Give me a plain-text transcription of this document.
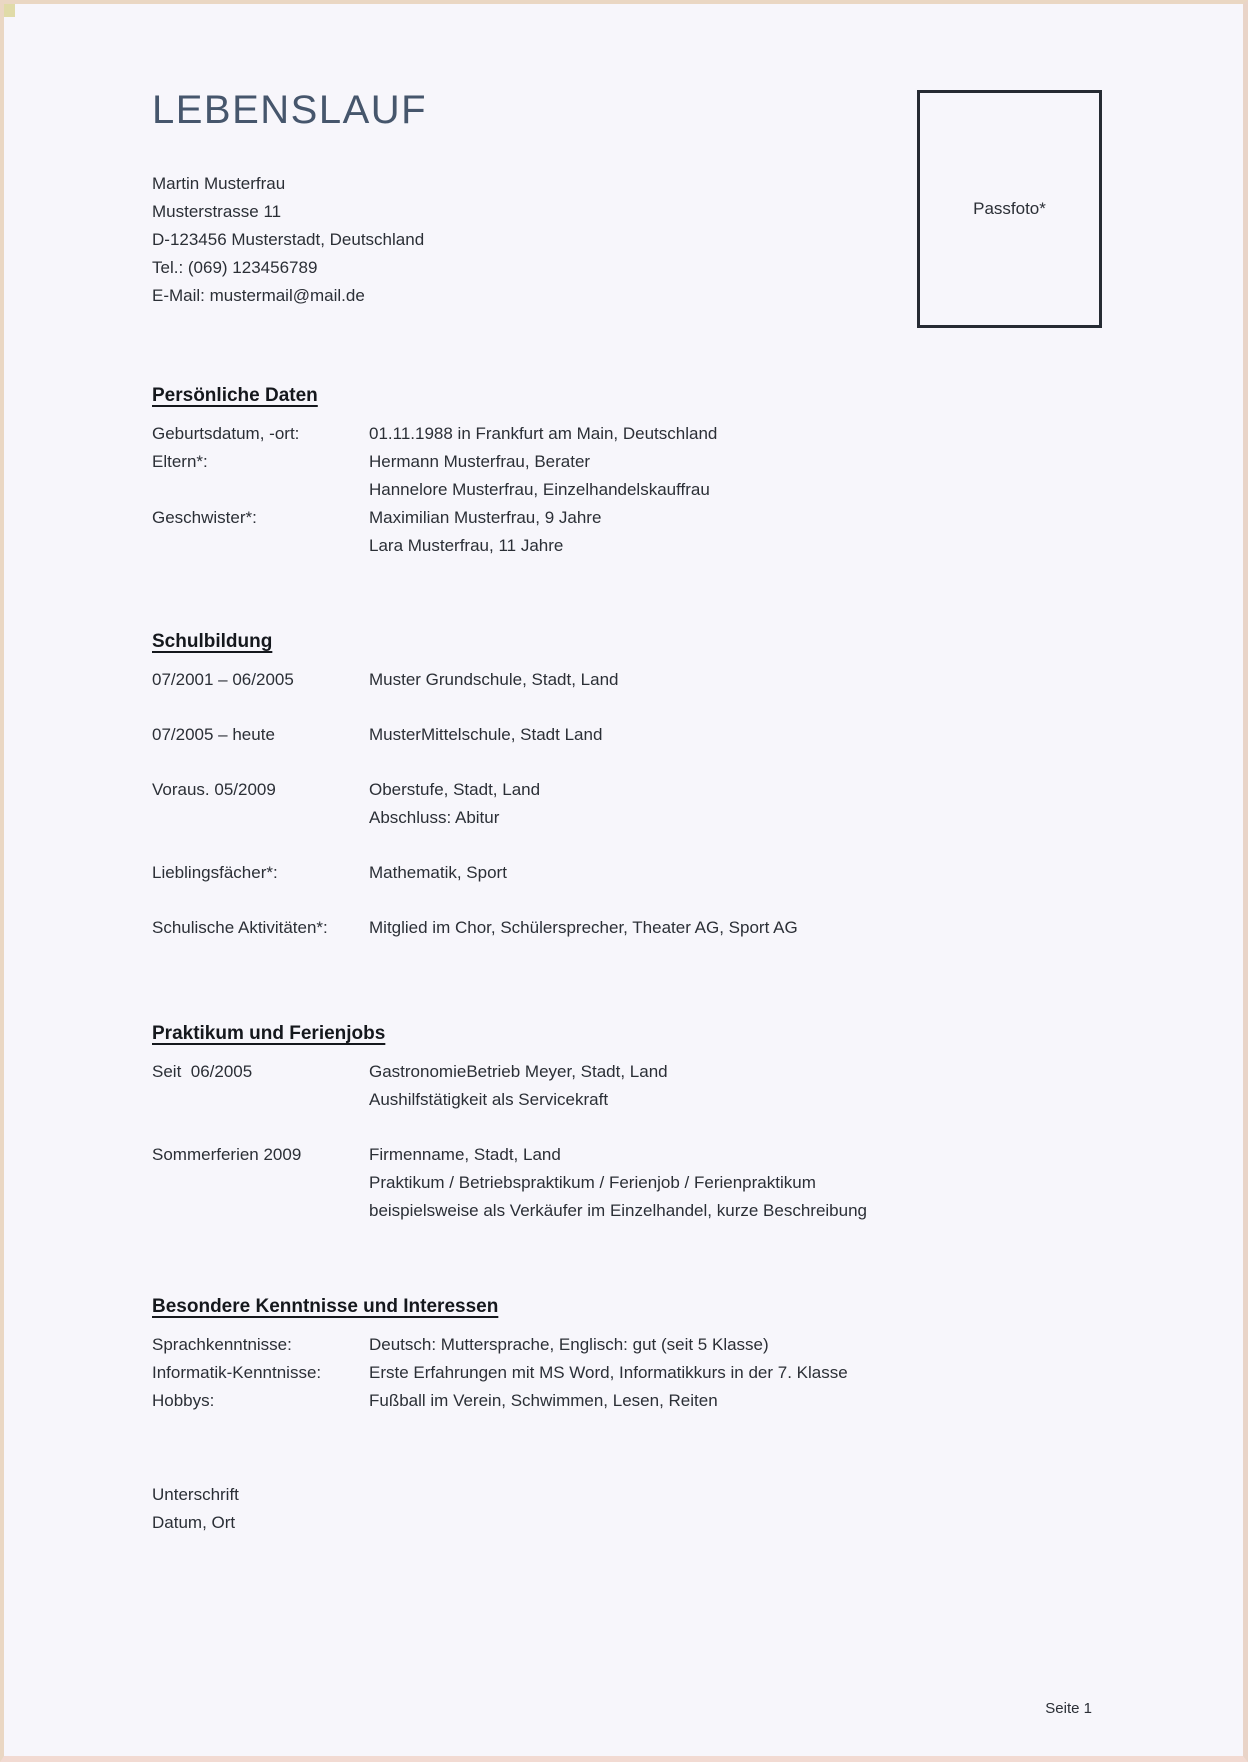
LEBENSLAUF
Martin Musterfrau
Musterstrasse 11
D-123456 Musterstadt, Deutschland
Tel.: (069) 123456789
E-Mail: mustermail@mail.de
Passfoto*
Persönliche Daten
Geburtsdatum, -ort:	01.11.1988 in Frankfurt am Main, Deutschland
Eltern*:	Hermann Musterfrau, Berater
Hannelore Musterfrau, Einzelhandelskauffrau
Geschwister*:	Maximilian Musterfrau, 9 Jahre
Lara Musterfrau, 11 Jahre
Schulbildung
07/2001 – 06/2005	Muster Grundschule, Stadt, Land
07/2005 – heute	MusterMittelschule, Stadt Land
Voraus. 05/2009	Oberstufe, Stadt, Land
Abschluss: Abitur
Lieblingsfächer*:	Mathematik, Sport
Schulische Aktivitäten*:	Mitglied im Chor, Schülersprecher, Theater AG, Sport AG
Praktikum und Ferienjobs
Seit  06/2005	GastronomieBetrieb Meyer, Stadt, Land
Aushilfstätigkeit als Servicekraft
Sommerferien 2009	Firmenname, Stadt, Land
Praktikum / Betriebspraktikum / Ferienjob / Ferienpraktikum
beispielsweise als Verkäufer im Einzelhandel, kurze Beschreibung
Besondere Kenntnisse und Interessen
Sprachkenntnisse:	Deutsch: Muttersprache, Englisch: gut (seit 5 Klasse)
Informatik-Kenntnisse:	Erste Erfahrungen mit MS Word, Informatikkurs in der 7. Klasse
Hobbys:	Fußball im Verein, Schwimmen, Lesen, Reiten
Unterschrift
Datum, Ort
Seite 1
